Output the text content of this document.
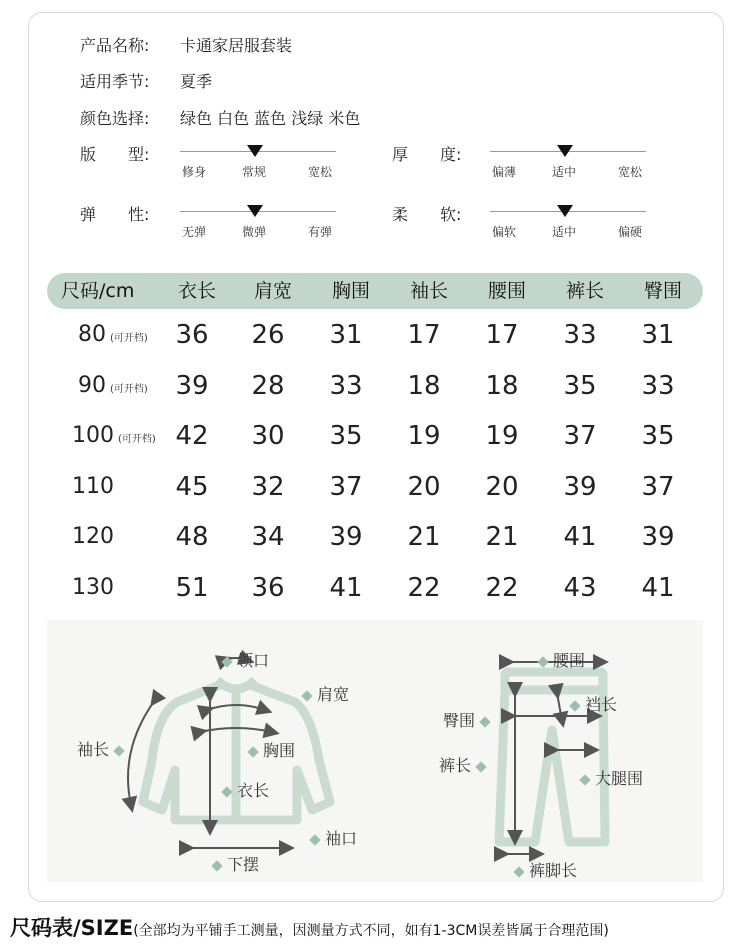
产品名称: 卡通家居服套装
适用季节: 夏季
颜色选择: 绿色 白色 蓝色 浅绿 米色
版　　型:
修身	常规	宽松
厚　　度:
偏薄	适中	宽松
弹　　性:
无弹	微弹	有弹
柔　　软:
偏软	适中	偏硬
尺码/cm	衣长	肩宽	胸围	袖长	腰围	裤长	臀围
80 (可开档)	36	26	31	17	17	33	31
90 (可开档)	39	28	33	18	18	35	33
100 (可开档) 42	30	35	19	19	37	35
110	45	32	37	20	20	39	37
120	48	34	39	21	21	41	39
130	51	36	41	22	22	43	41
领口
肩宽
袖长	胸围
衣长
袖口
下摆
腰围
裆长
臀围
裤长
大腿围
裤脚长
尺码表/SIZE(全部均为平铺手工测量，因测量方式不同，如有1-3CM误差皆属于合理范围)
